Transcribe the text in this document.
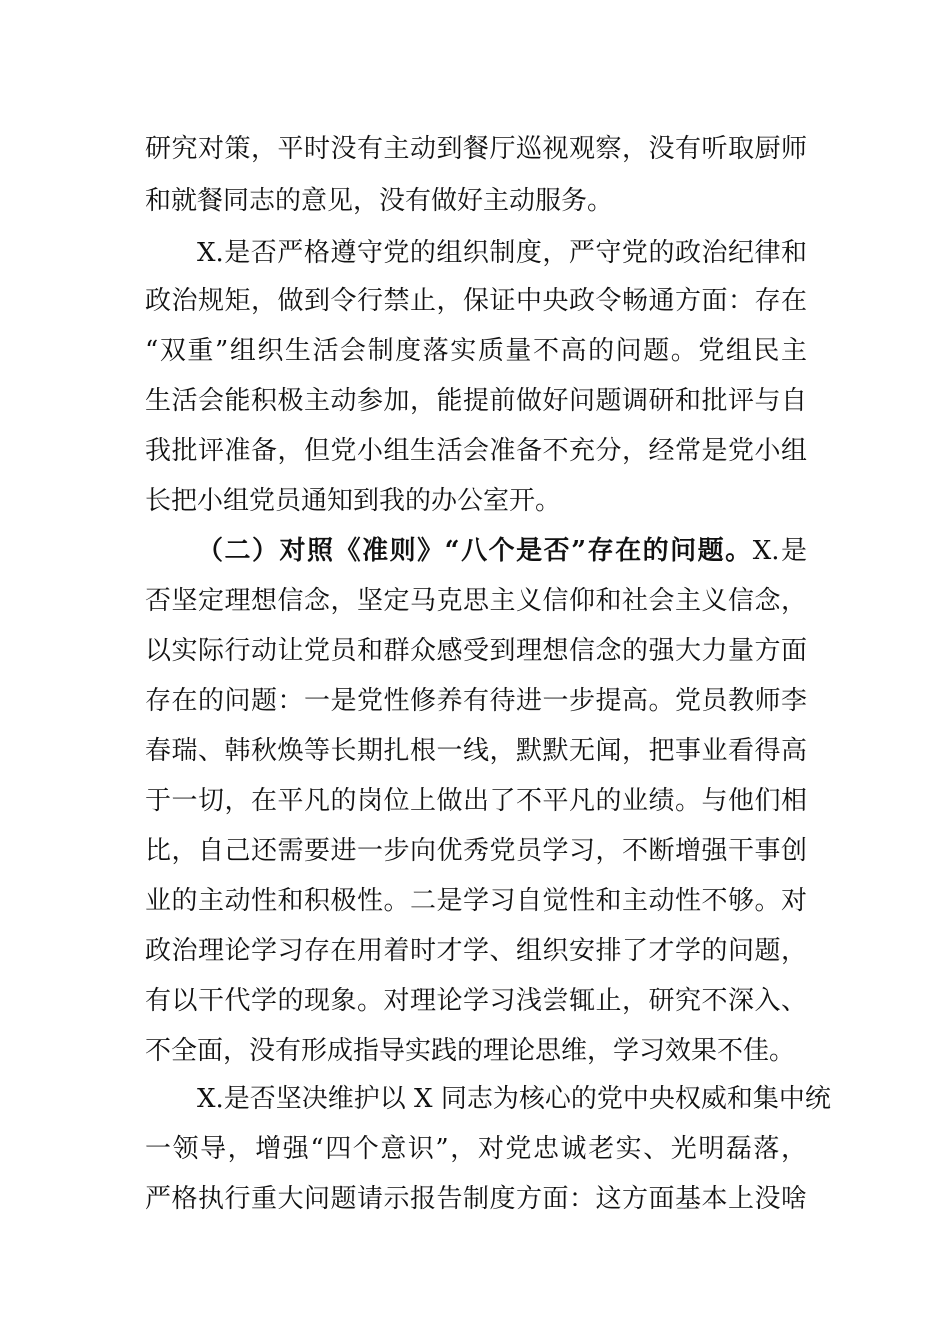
研究对策，平时没有主动到餐厅巡视观察，没有听取厨师
和就餐同志的意见，没有做好主动服务。
X.是否严格遵守党的组织制度，严守党的政治纪律和
政治规矩，做到令行禁止，保证中央政令畅通方面：存在
“双重”组织生活会制度落实质量不高的问题。党组民主
生活会能积极主动参加，能提前做好问题调研和批评与自
我批评准备，但党小组生活会准备不充分，经常是党小组
长把小组党员通知到我的办公室开。
（二）对照《准则》“八个是否”存在的问题。X.是
否坚定理想信念，坚定马克思主义信仰和社会主义信念，
以实际行动让党员和群众感受到理想信念的强大力量方面
存在的问题：一是党性修养有待进一步提高。党员教师李
春瑞、韩秋焕等长期扎根一线，默默无闻，把事业看得高
于一切，在平凡的岗位上做出了不平凡的业绩。与他们相
比，自己还需要进一步向优秀党员学习，不断增强干事创
业的主动性和积极性。二是学习自觉性和主动性不够。对
政治理论学习存在用着时才学、组织安排了才学的问题，
有以干代学的现象。对理论学习浅尝辄止，研究不深入、
不全面，没有形成指导实践的理论思维，学习效果不佳。
X.是否坚决维护以 X 同志为核心的党中央权威和集中统
一领导，增强“四个意识”，对党忠诚老实、光明磊落，
严格执行重大问题请示报告制度方面：这方面基本上没啥
